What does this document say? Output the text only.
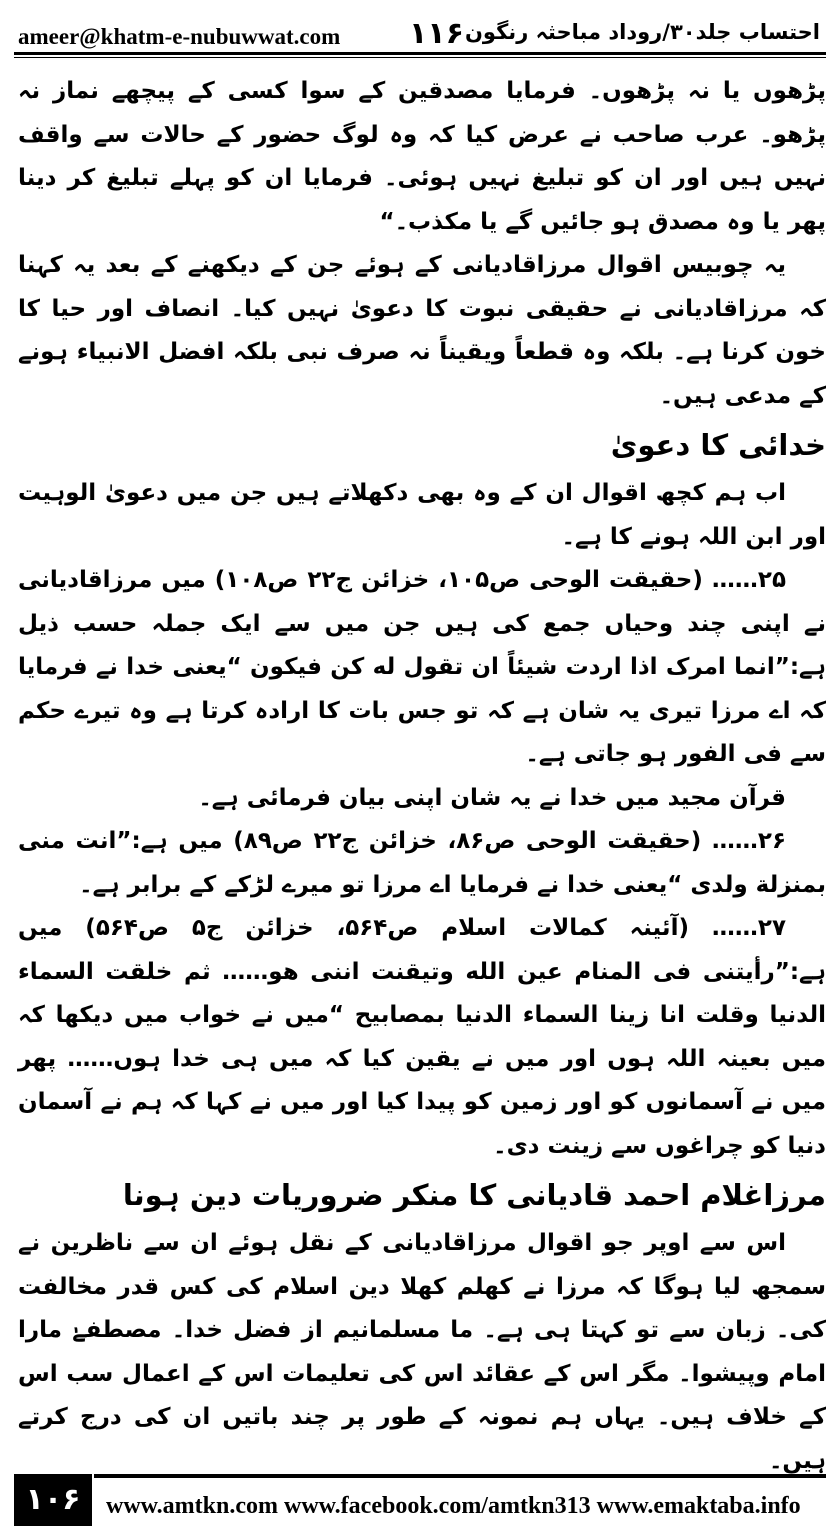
ameer@khatm-e-nubuwwat.com ۱۱۶ احتساب جلد۳۰/روداد مباحثہ رنگون

پڑھوں یا نہ پڑھوں۔ فرمایا مصدقین کے سوا کسی کے پیچھے نماز نہ پڑھو۔ عرب صاحب نے عرض کیا کہ وہ لوگ حضور کے حالات سے واقف نہیں ہیں اور ان کو تبلیغ نہیں ہوئی۔ فرمایا ان کو پہلے تبلیغ کر دینا پھر یا وہ مصدق ہو جائیں گے یا مکذب۔“

یہ چوبیس اقوال مرزاقادیانی کے ہوئے جن کے دیکھنے کے بعد یہ کہنا کہ مرزاقادیانی نے حقیقی نبوت کا دعویٰ نہیں کیا۔ انصاف اور حیا کا خون کرنا ہے۔ بلکہ وہ قطعاً ویقیناً نہ صرف نبی بلکہ افضل الانبیاء ہونے کے مدعی ہیں۔

خدائی کا دعویٰ

اب ہم کچھ اقوال ان کے وہ بھی دکھلاتے ہیں جن میں دعویٰ الوہیت اور ابن اللہ ہونے کا ہے۔

۲۵…… (حقیقت الوحی ص۱۰۵، خزائن ج۲۲ ص۱۰۸) میں مرزاقادیانی نے اپنی چند وحیاں جمع کی ہیں جن میں سے ایک جملہ حسب ذیل ہے:”انما امرک اذا اردت شیئاً ان تقول له کن فیکون “یعنی خدا نے فرمایا کہ اے مرزا تیری یہ شان ہے کہ تو جس بات کا ارادہ کرتا ہے وہ تیرے حکم سے فی الفور ہو جاتی ہے۔

قرآن مجید میں خدا نے یہ شان اپنی بیان فرمائی ہے۔

۲۶…… (حقیقت الوحی ص۸۶، خزائن ج۲۲ ص۸۹) میں ہے:”انت منی بمنزلة ولدی “یعنی خدا نے فرمایا اے مرزا تو میرے لڑکے کے برابر ہے۔

۲۷…… (آئینہ کمالات اسلام ص۵۶۴، خزائن ج۵ ص۵۶۴) میں ہے:”رأیتنی فی المنام عین الله وتیقنت اننی هو…… ثم خلقت السماء الدنیا وقلت انا زینا السماء الدنیا بمصابیح “میں نے خواب میں دیکھا کہ میں بعینہ اللہ ہوں اور میں نے یقین کیا کہ میں ہی خدا ہوں…… پھر میں نے آسمانوں کو اور زمین کو پیدا کیا اور میں نے کہا کہ ہم نے آسمان دنیا کو چراغوں سے زینت دی۔

مرزاغلام احمد قادیانی کا منکر ضروریات دین ہونا

اس سے اوپر جو اقوال مرزاقادیانی کے نقل ہوئے ان سے ناظرین نے سمجھ لیا ہوگا کہ مرزا نے کھلم کھلا دین اسلام کی کس قدر مخالفت کی۔ زبان سے تو کہتا ہی ہے۔ ما مسلمانیم از فضل خدا۔ مصطفےٰ مارا امام وپیشوا۔ مگر اس کے عقائد اس کی تعلیمات اس کے اعمال سب اس کے خلاف ہیں۔ یہاں ہم نمونہ کے طور پر چند باتیں ان کی درج کرتے ہیں۔

۱۰۶	www.amtkn.com www.facebook.com/amtkn313 www.emaktaba.info
